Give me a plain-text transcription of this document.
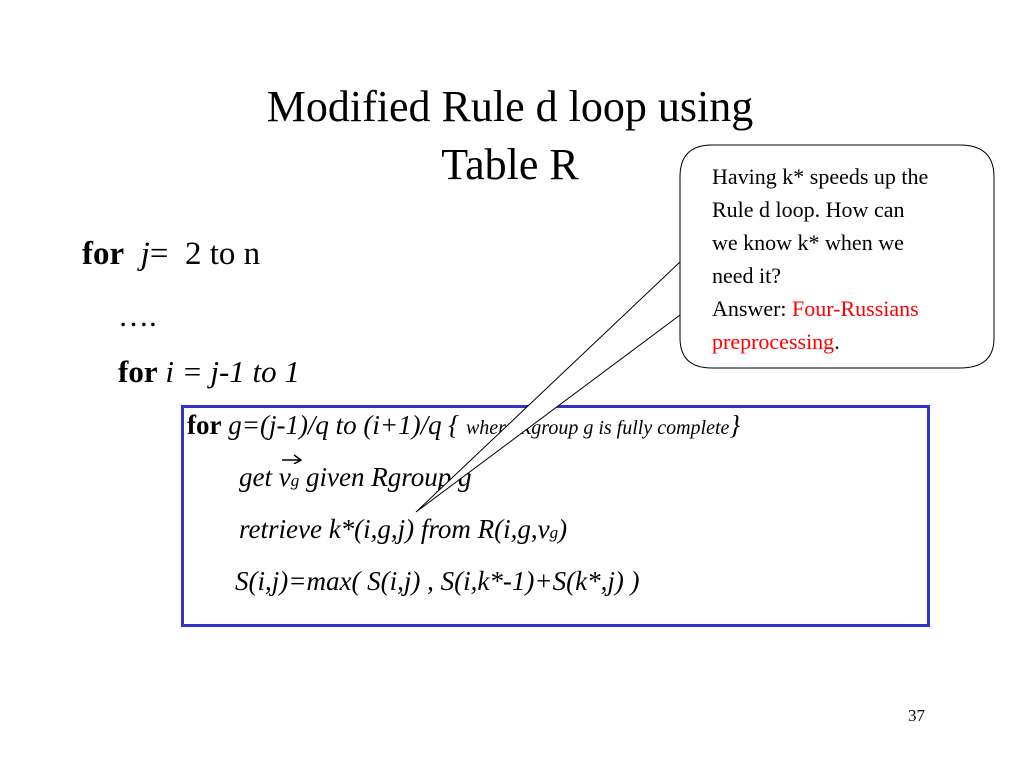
Modified Rule d loop using
Table R
for j= 2 to n
….
for i = j-1 to 1
for g=(j-1)/q to (i+1)/q { where Rgroup g is fully complete}
get
vg given Rgroup g
retrieve k*(i,g,j) from R(i,g,vg)
S(i,j)=max( S(i,j) , S(i,k*-1)+S(k*,j) )
Having k* speeds up the
Rule d loop. How can
we know k* when we
need it?
Answer: Four-Russians
preprocessing.
37
